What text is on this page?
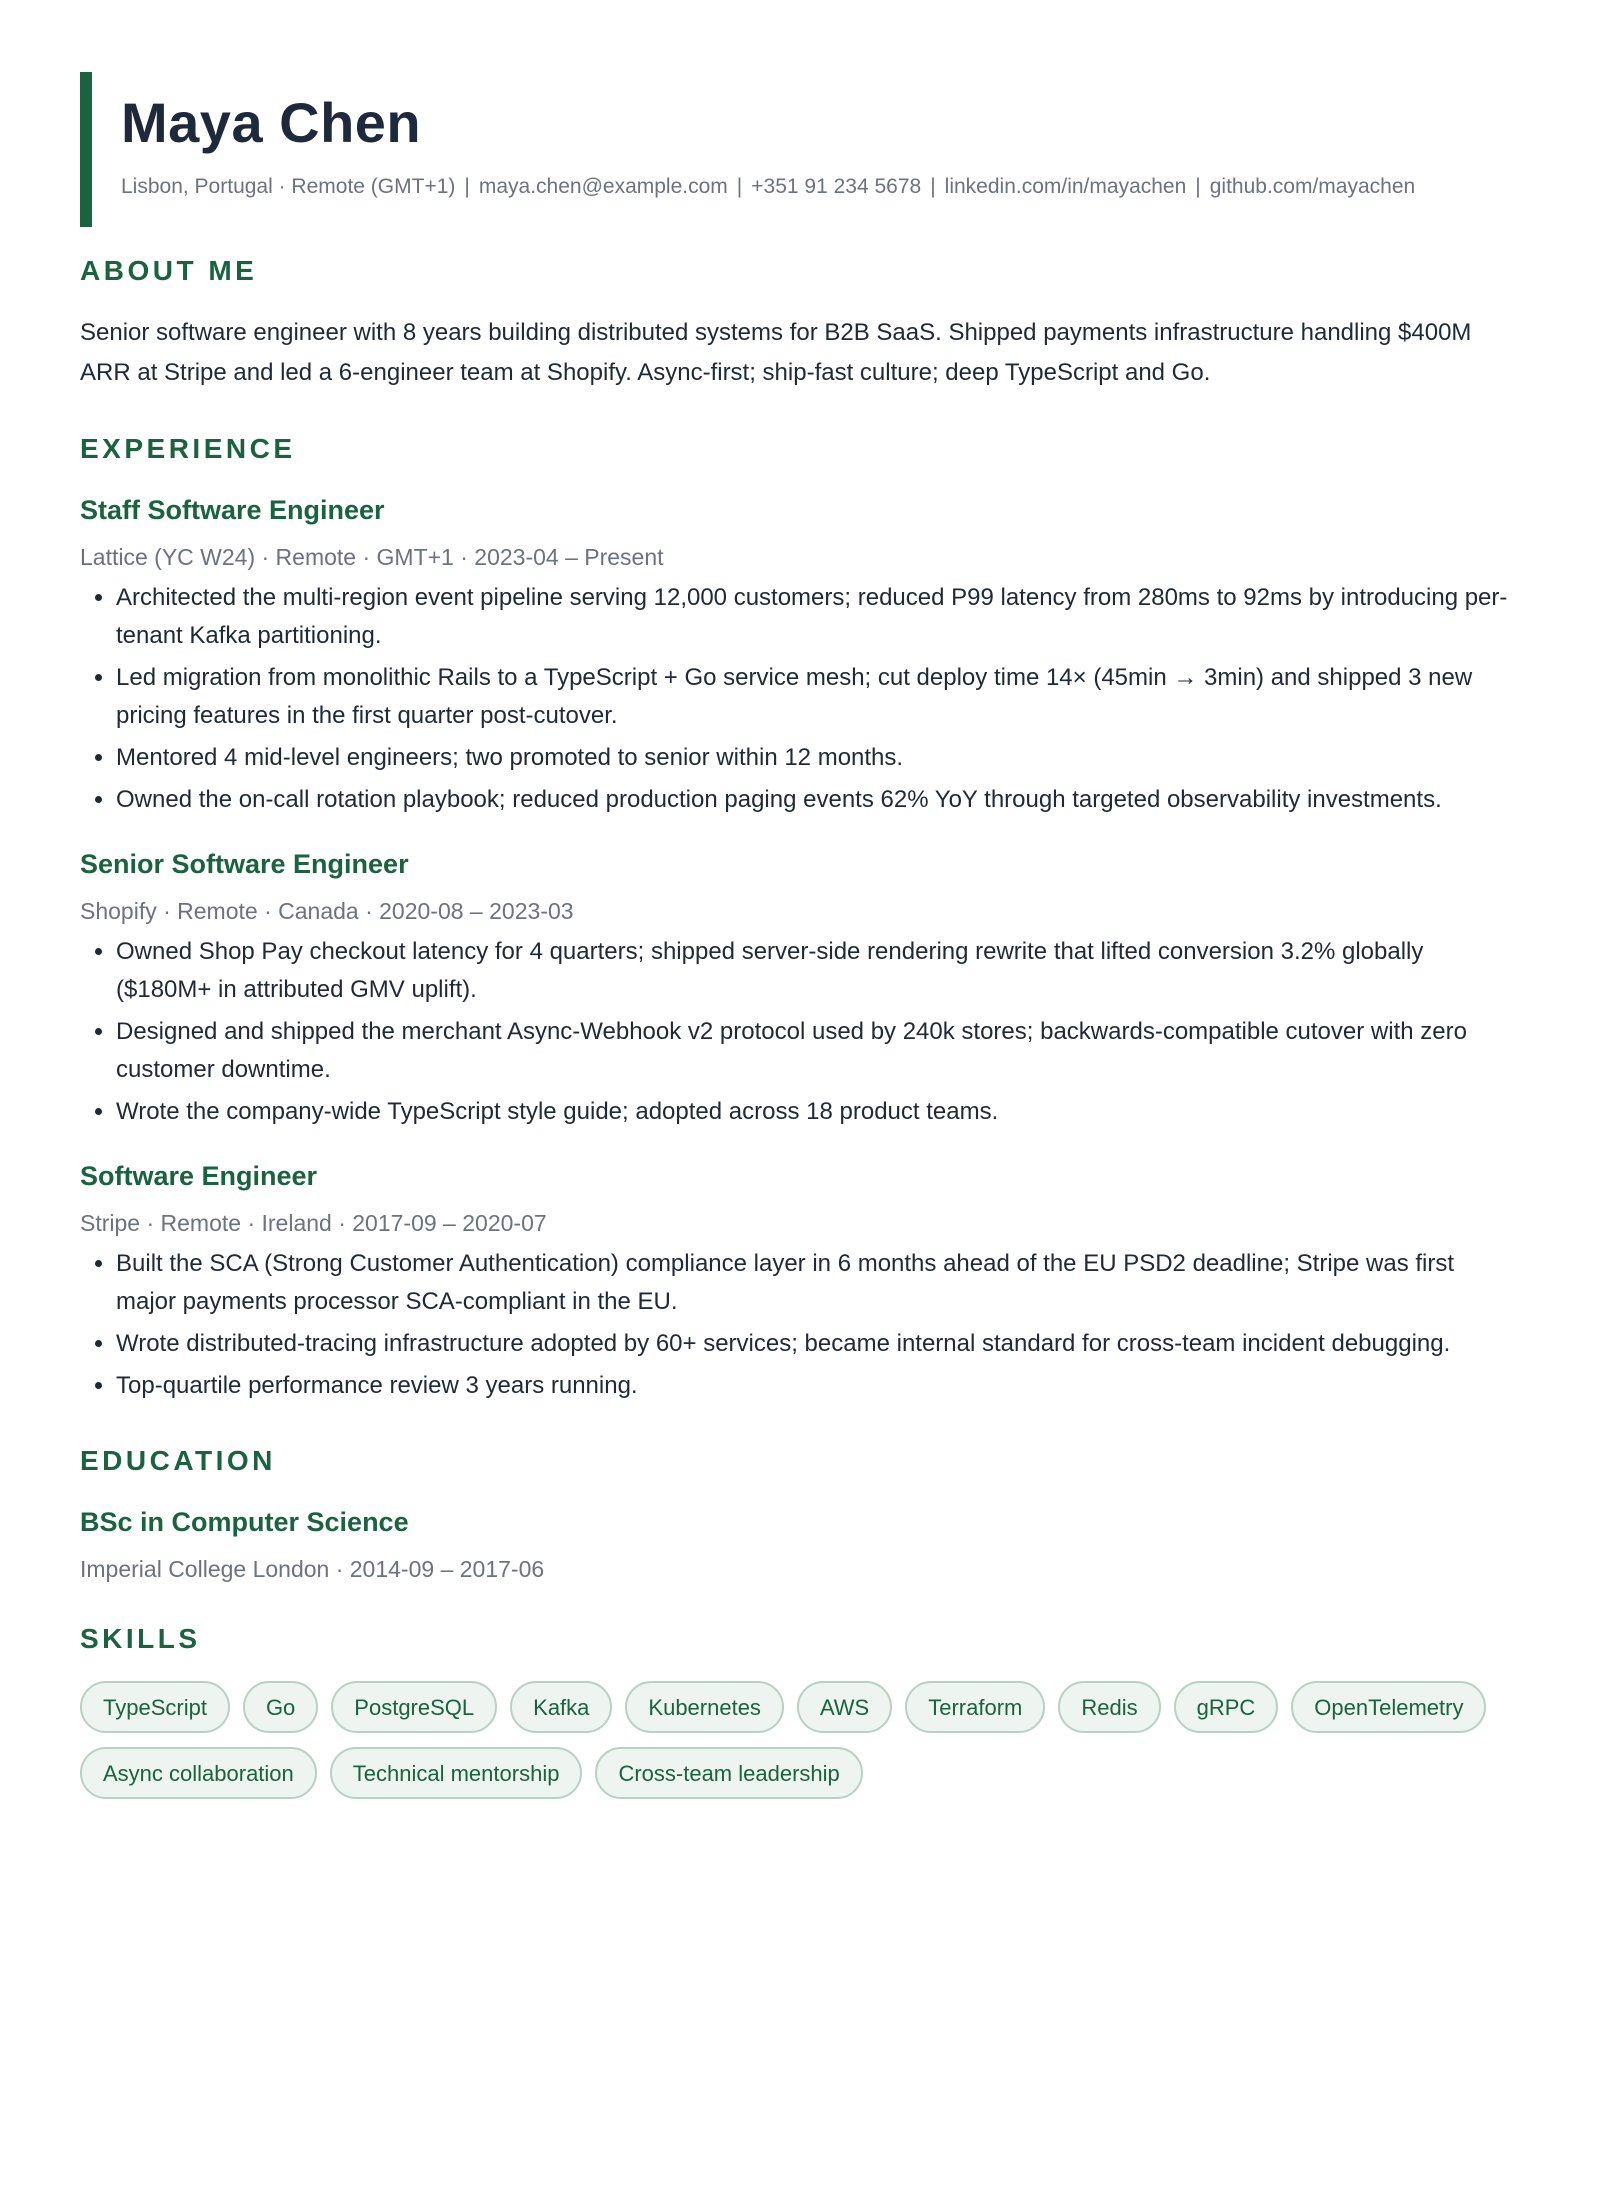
Maya Chen
Lisbon, Portugal · Remote (GMT+1) | maya.chen@example.com | +351 91 234 5678 | linkedin.com/in/mayachen | github.com/mayachen
ABOUT ME

Senior software engineer with 8 years building distributed systems for B2B SaaS. Shipped payments infrastructure handling $400M ARR at Stripe and led a 6-engineer team at Shopify. Async-first; ship-fast culture; deep TypeScript and Go.

EXPERIENCE
Staff Software Engineer
Lattice (YC W24) · Remote · GMT+1 · 2023-04 – Present
• Architected the multi-region event pipeline serving 12,000 customers; reduced P99 latency from 280ms to 92ms by introducing per-tenant Kafka partitioning.
• Led migration from monolithic Rails to a TypeScript + Go service mesh; cut deploy time 14× (45min → 3min) and shipped 3 new pricing features in the first quarter post-cutover.
• Mentored 4 mid-level engineers; two promoted to senior within 12 months.
• Owned the on-call rotation playbook; reduced production paging events 62% YoY through targeted observability investments.
Senior Software Engineer
Shopify · Remote · Canada · 2020-08 – 2023-03
• Owned Shop Pay checkout latency for 4 quarters; shipped server-side rendering rewrite that lifted conversion 3.2% globally ($180M+ in attributed GMV uplift).
• Designed and shipped the merchant Async-Webhook v2 protocol used by 240k stores; backwards-compatible cutover with zero customer downtime.
• Wrote the company-wide TypeScript style guide; adopted across 18 product teams.
Software Engineer
Stripe · Remote · Ireland · 2017-09 – 2020-07
• Built the SCA (Strong Customer Authentication) compliance layer in 6 months ahead of the EU PSD2 deadline; Stripe was first major payments processor SCA-compliant in the EU.
• Wrote distributed-tracing infrastructure adopted by 60+ services; became internal standard for cross-team incident debugging.
• Top-quartile performance review 3 years running.
EDUCATION
BSc in Computer Science
Imperial College London · 2014-09 – 2017-06
SKILLS
TypeScript	Go	PostgreSQL	Kafka	Kubernetes	AWS	Terraform	Redis	gRPC	OpenTelemetry
Async collaboration	Technical mentorship	Cross-team leadership
